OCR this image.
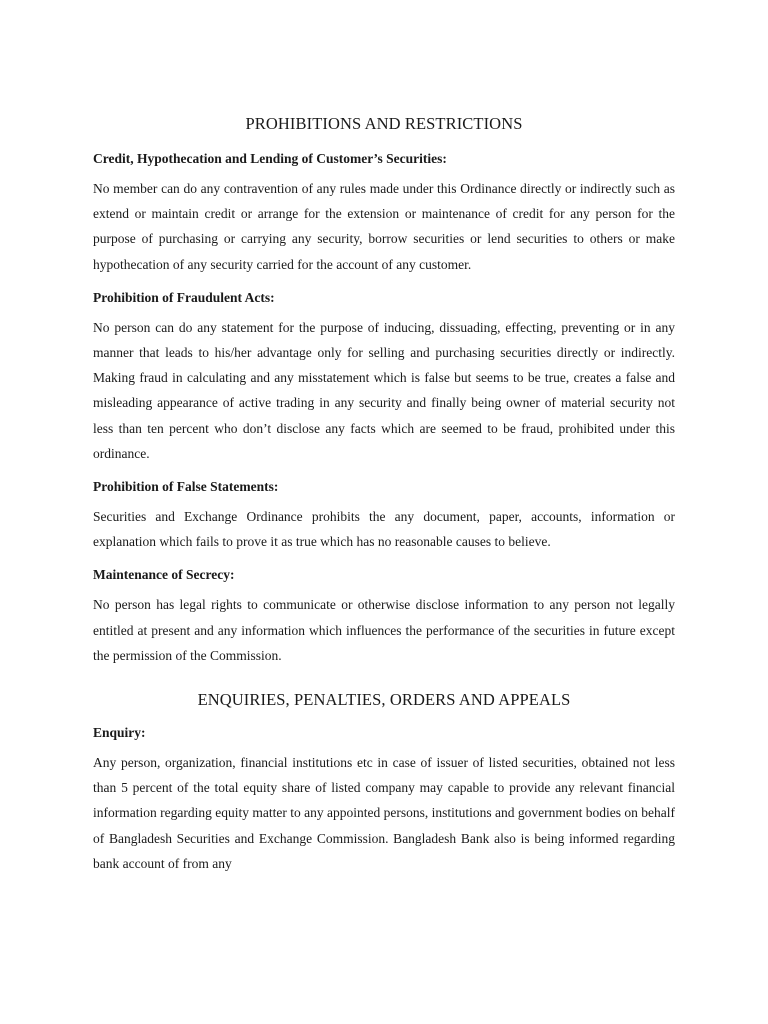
PROHIBITIONS AND RESTRICTIONS
Credit, Hypothecation and Lending of Customer’s Securities:

No member can do any contravention of any rules made under this Ordinance directly or indirectly such as extend or maintain credit or arrange for the extension or maintenance of credit for any person for the purpose of purchasing or carrying any security, borrow securities or lend securities to others or make hypothecation of any security carried for the account of any customer.

Prohibition of Fraudulent Acts:

No person can do any statement for the purpose of inducing, dissuading, effecting, preventing or in any manner that leads to his/her advantage only for selling and purchasing securities directly or indirectly. Making fraud in calculating and any misstatement which is false but seems to be true, creates a false and misleading appearance of active trading in any security and finally being owner of material security not less than ten percent who don’t disclose any facts which are seemed to be fraud, prohibited under this ordinance.

Prohibition of False Statements:

Securities and Exchange Ordinance prohibits the any document, paper, accounts, information or explanation which fails to prove it as true which has no reasonable causes to believe.

Maintenance of Secrecy:

No person has legal rights to communicate or otherwise disclose information to any person not legally entitled at present and any information which influences the performance of the securities in future except the permission of the Commission.

ENQUIRIES, PENALTIES, ORDERS AND APPEALS
Enquiry:

Any person, organization, financial institutions etc in case of issuer of listed securities, obtained not less than 5 percent of the total equity share of listed company may capable to provide any relevant financial information regarding equity matter to any appointed persons, institutions and government bodies on behalf of Bangladesh Securities and Exchange Commission. Bangladesh Bank also is being informed regarding bank account of from any
